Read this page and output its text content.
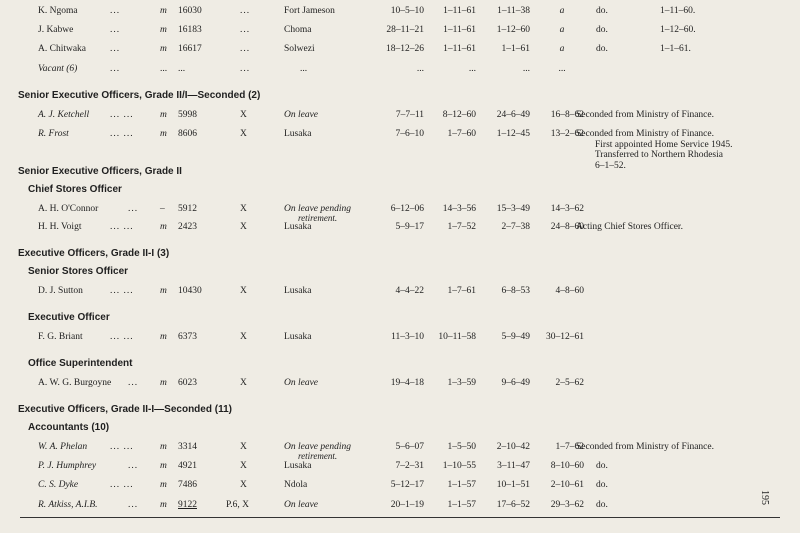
K. Ngoma	...	m 16030	...	Fort Jameson	10–5–10	1–11–61	1–11–38	a	do.	1–11–60.
J. Kabwe	...	m 16183	...	Choma	28–11–21	1–11–61	1–12–60	a	do.	1–12–60.
A. Chitwaka	...	m 16617	...	Solwezi	18–12–26	1–11–61	1–1–61	a	do.	1–1–61.
Vacant (6)	...	... ...	...	...	...	...	...	...
Senior Executive Officers, Grade II/I—Seconded (2)
A. J. Ketchell ... ...	m 5998	X	On leave	7–7–11	8–12–60	24–6–49	16–8–62
Seconded from Ministry of Finance.
R. Frost	... ...	m 8606	X	Lusaka	7–6–10	1–7–60	1–12–45	13–2–62
Seconded from Ministry of Finance.
First appointed Home Service 1945.
Transferred to Northern Rhodesia
6–1–52.
Senior Executive Officers, Grade II
Chief Stores Officer
A. H. O'Connor	... – 5912	X	On leave pending	6–12–06	14–3–56	15–3–49	14–3–62
retirement.
H. H. Voigt	... ...	m 2423	X	Lusaka	5–9–17	1–7–52	2–7–38	24–8–60
Acting Chief Stores Officer.
Executive Officers, Grade II-I (3)
Senior Stores Officer
D. J. Sutton	... ...	m 10430	X	Lusaka	4–4–22	1–7–61	6–8–53	4–8–60
Executive Officer
F. G. Briant	... ...	m 6373	X	Lusaka	11–3–10	10–11–58	5–9–49	30–12–61
Office Superintendent
A. W. G. Burgoyne ... m 6023	X	On leave	19–4–18	1–3–59	9–6–49	2–5–62
Executive Officers, Grade II-I—Seconded (11)
Accountants (10)
W. A. Phelan ... ...	m 3314	X	On leave pending	5–6–07	1–5–50	2–10–42	1–7–62
Seconded from Ministry of Finance.
retirement.
P. J. Humphrey	... m 4921	X	Lusaka	7–2–31	1–10–55	3–11–47	8–10–60 do.
C. S. Dyke	... ...	m 7486	X	Ndola	5–12–17	1–1–57	10–1–51	2–10–61 do.
R. Atkiss, A.I.B.	... m 9122	P.6, X	On leave	20–1–19	1–1–57	17–6–52	29–3–62 do.	195
